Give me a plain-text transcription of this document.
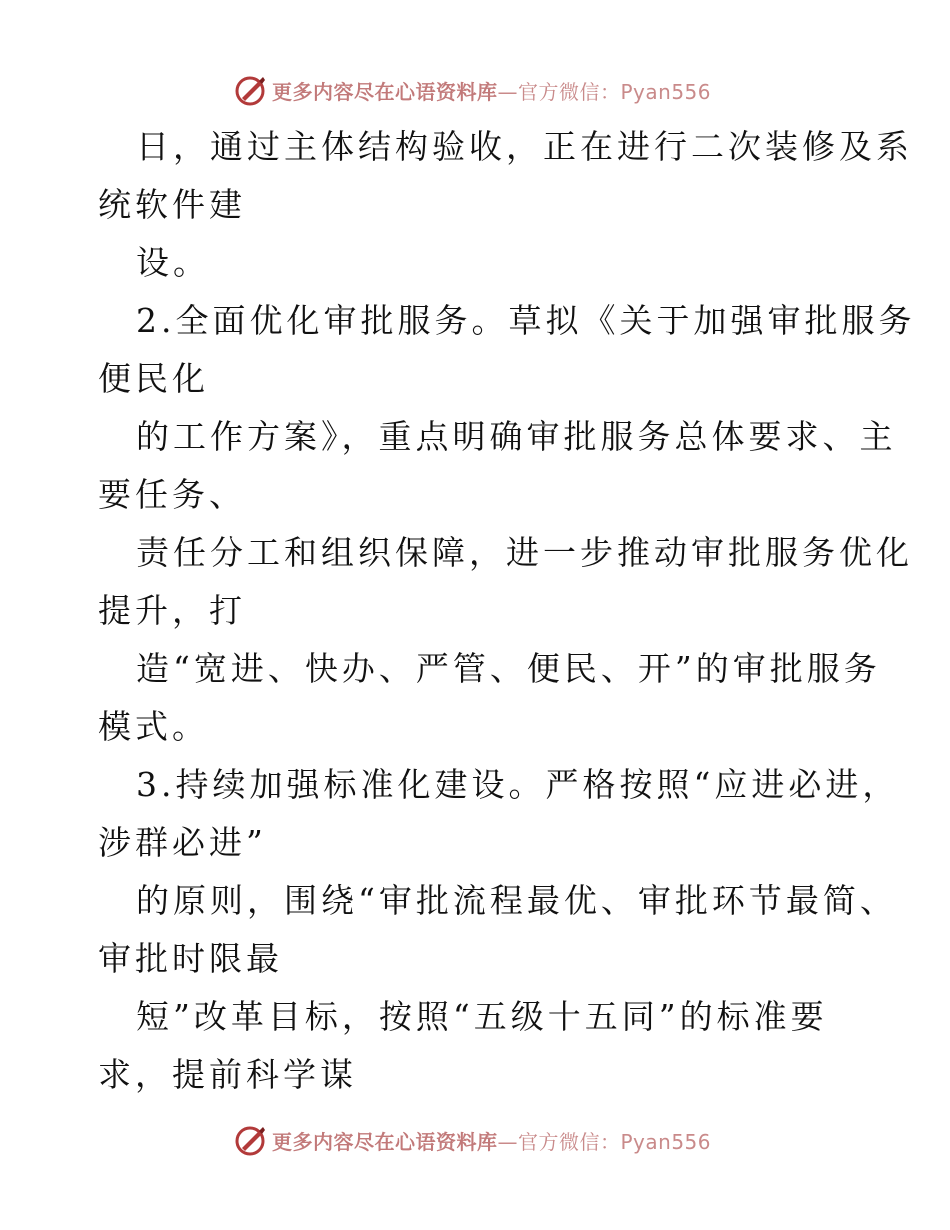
更多内容尽在心语资料库—官方微信：Pyan556
日，通过主体结构验收，正在进行二次装修及系
统软件建
设。
2.全面优化审批服务。草拟《关于加强审批服务
便民化
的工作方案》，重点明确审批服务总体要求、主
要任务、
责任分工和组织保障，进一步推动审批服务优化
提升，打
造“宽进、快办、严管、便民、开”的审批服务
模式。
3.持续加强标准化建设。严格按照“应进必进，
涉群必进”
的原则，围绕“审批流程最优、审批环节最简、
审批时限最
短”改革目标，按照“五级十五同”的标准要
求，提前科学谋
更多内容尽在心语资料库—官方微信：Pyan556
